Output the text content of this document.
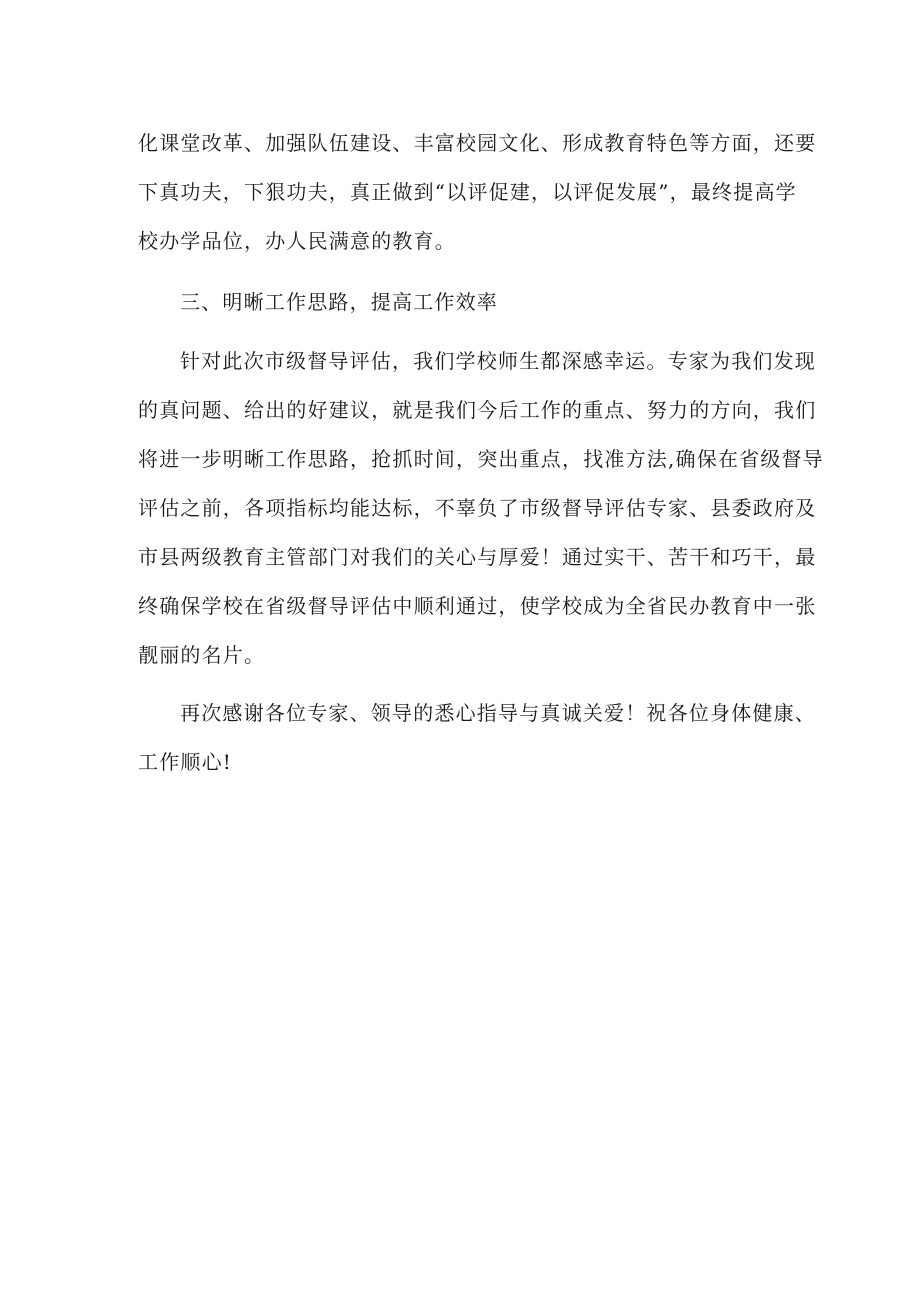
化课堂改革、加强队伍建设、丰富校园文化、形成教育特色等方面，还要

下真功夫，下狠功夫，真正做到“以评促建，以评促发展”，最终提高学

校办学品位，办人民满意的教育。

三、明晰工作思路，提高工作效率

针对此次市级督导评估，我们学校师生都深感幸运。专家为我们发现

的真问题、给出的好建议，就是我们今后工作的重点、努力的方向，我们

将进一步明晰工作思路，抢抓时间，突出重点，找准方法,确保在省级督导

评估之前，各项指标均能达标，不辜负了市级督导评估专家、县委政府及

市县两级教育主管部门对我们的关心与厚爱！通过实干、苦干和巧干，最

终确保学校在省级督导评估中顺利通过，使学校成为全省民办教育中一张

靓丽的名片。

再次感谢各位专家、领导的悉心指导与真诚关爱！祝各位身体健康、

工作顺心!
